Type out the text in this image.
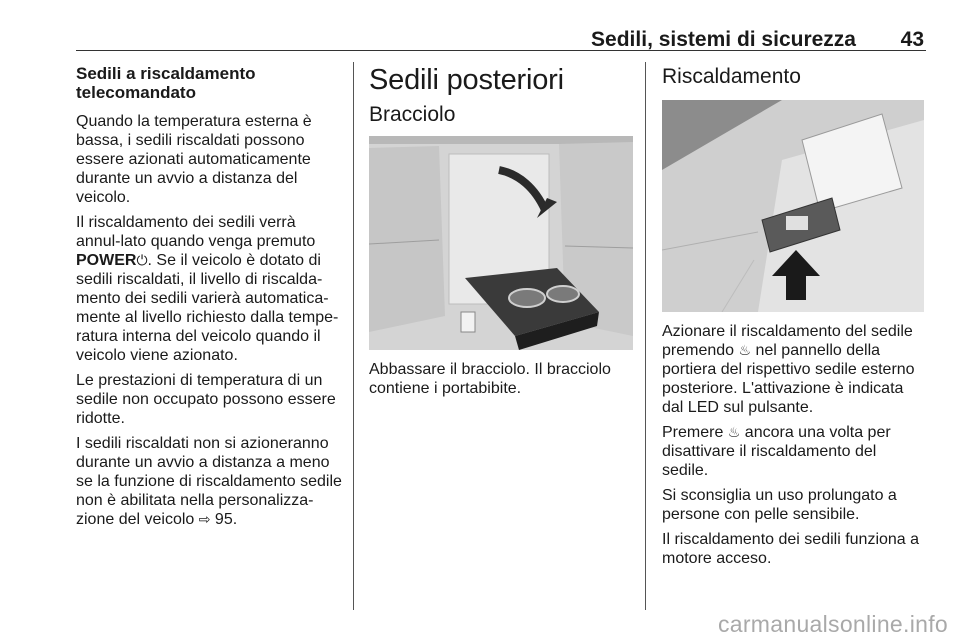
Sedili, sistemi di sicurezza 43
Sedili a riscaldamento telecomandato

Quando la temperatura esterna è bassa, i sedili riscaldati possono essere azionati automaticamente durante un avvio a distanza del veicolo.

Il riscaldamento dei sedili verrà annul-lato quando venga premuto POWER⏻. Se il veicolo è dotato di sedili riscaldati, il livello di riscalda-mento dei sedili varierà automatica-mente al livello richiesto dalla tempe-ratura interna del veicolo quando il veicolo viene azionato.

Le prestazioni di temperatura di un sedile non occupato possono essere ridotte.

I sedili riscaldati non si azioneranno durante un avvio a distanza a meno se la funzione di riscaldamento sedile non è abilitata nella personalizza-zione del veicolo ⇨ 95.

Sedili posteriori
Bracciolo

Abbassare il bracciolo. Il bracciolo contiene i portabibite.

Riscaldamento

Azionare il riscaldamento del sedile premendo ♨ nel pannello della portiera del rispettivo sedile esterno posteriore. L'attivazione è indicata dal LED sul pulsante.

Premere ♨ ancora una volta per disattivare il riscaldamento del sedile.

Si sconsiglia un uso prolungato a persone con pelle sensibile.

Il riscaldamento dei sedili funziona a motore acceso.

carmanualsonline.info
